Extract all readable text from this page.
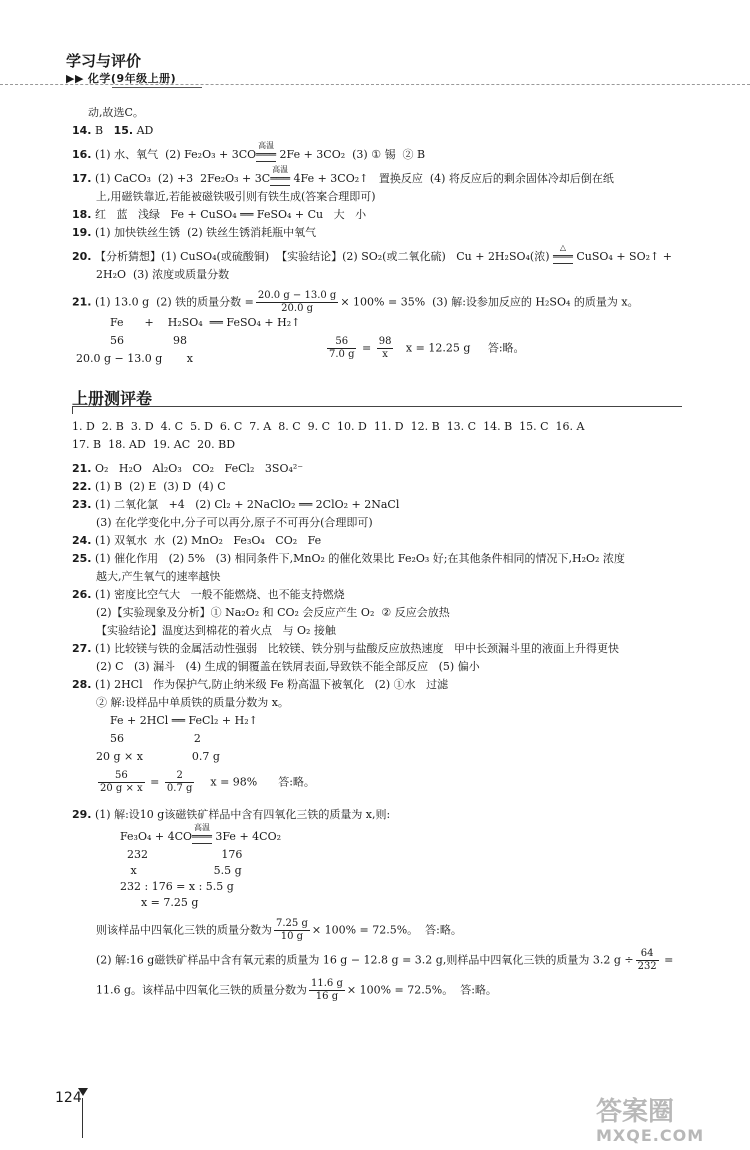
学习与评价
▶▶ 化学(9年级上册)
动,故选C。
14. B   15. AD
16. (1) 水、氧气  (2) Fe₂O₃ + 3CO
高温
═══ 2Fe + 3CO₂  (3) ① 锡  ② B
17. (1) CaCO₃  (2) +3  2Fe₂O₃ + 3C
高温
═══ 4Fe + 3CO₂↑   置换反应  (4) 将反应后的剩余固体冷却后倒在纸
上,用磁铁靠近,若能被磁铁吸引则有铁生成(答案合理即可)
18. 红   蓝   浅绿   Fe + CuSO₄ ══ FeSO₄ + Cu   大   小
19. (1) 加快铁丝生锈  (2) 铁丝生锈消耗瓶中氧气
20. 【分析猜想】(1) CuSO₄(或硫酸铜)  【实验结论】(2) SO₂(或二氧化硫)   Cu + 2H₂SO₄(浓)
△
═══ CuSO₄ + SO₂↑ +
2H₂O  (3) 浓度或质量分数
21. (1) 13.0 g  (2) 铁的质量分数 = $\frac{20.0 g - 13.0 g}{20.0 g} \times 100\% = 35\%$  (3) 解:设参加反应的 H₂SO₄ 的质量为 x。
Fe      +    H₂SO₄  ══ FeSO₄ + H₂↑
56              98	$\frac{56}{7.0 g} = \frac{98}{x}$ x = 12.25 g     答:略。
20.0 g − 13.0 g       x
上册测评卷
1. D  2. B  3. D  4. C  5. D  6. C  7. A  8. C  9. C  10. D  11. D  12. B  13. C  14. B  15. C  16. A
17. B  18. AD  19. AC  20. BD
21. O₂   H₂O   Al₂O₃   CO₂   FeCl₂   3SO₄²⁻
22. (1) B  (2) E  (3) D  (4) C
23. (1) 二氧化氯   +4   (2) Cl₂ + 2NaClO₂ ══ 2ClO₂ + 2NaCl
(3) 在化学变化中,分子可以再分,原子不可再分(合理即可)
24. (1) 双氧水  水  (2) MnO₂   Fe₃O₄   CO₂   Fe
25. (1) 催化作用   (2) 5%   (3) 相同条件下,MnO₂ 的催化效果比 Fe₂O₃ 好;在其他条件相同的情况下,H₂O₂ 浓度
越大,产生氧气的速率越快
26. (1) 密度比空气大   一般不能燃烧、也不能支持燃烧
(2)【实验现象及分析】① Na₂O₂ 和 CO₂ 会反应产生 O₂  ② 反应会放热
【实验结论】温度达到棉花的着火点   与 O₂ 接触
27. (1) 比较镁与铁的金属活动性强弱   比较镁、铁分别与盐酸反应放热速度   甲中长颈漏斗里的液面上升得更快
(2) C   (3) 漏斗   (4) 生成的铜覆盖在铁屑表面,导致铁不能全部反应   (5) 偏小
28. (1) 2HCl   作为保护气,防止纳米级 Fe 粉高温下被氧化   (2) ①水   过滤
② 解:设样品中单质铁的质量分数为 x。
Fe + 2HCl ══ FeCl₂ + H₂↑
56                    2
20 g × x              0.7 g
$\frac{56}{20 g \times x} = \frac{2}{0.7 g}$ x = 98%      答:略。
29. (1) 解:设10 g该磁铁矿样品中含有四氧化三铁的质量为 x,则:
Fe₃O₄ + 4CO
高温
═══ 3Fe + 4CO₂
232                     176
x                      5.5 g
232 : 176 = x : 5.5 g
x = 7.25 g
则该样品中四氧化三铁的质量分数为 $\frac{7.25 g}{10 g} \times 100\% = 72.5\%$。  答:略。
(2) 解:16 g磁铁矿样品中含有氧元素的质量为 16 g − 12.8 g = 3.2 g,则样品中四氧化三铁的质量为 3.2 $g \div \frac{64}{232}$ =
11.6 g。该样品中四氧化三铁的质量分数为 $\frac{11.6 g}{16 g} \times 100\% = 72.5\%$。  答:略。
124	答案圈
MXQE.COM
